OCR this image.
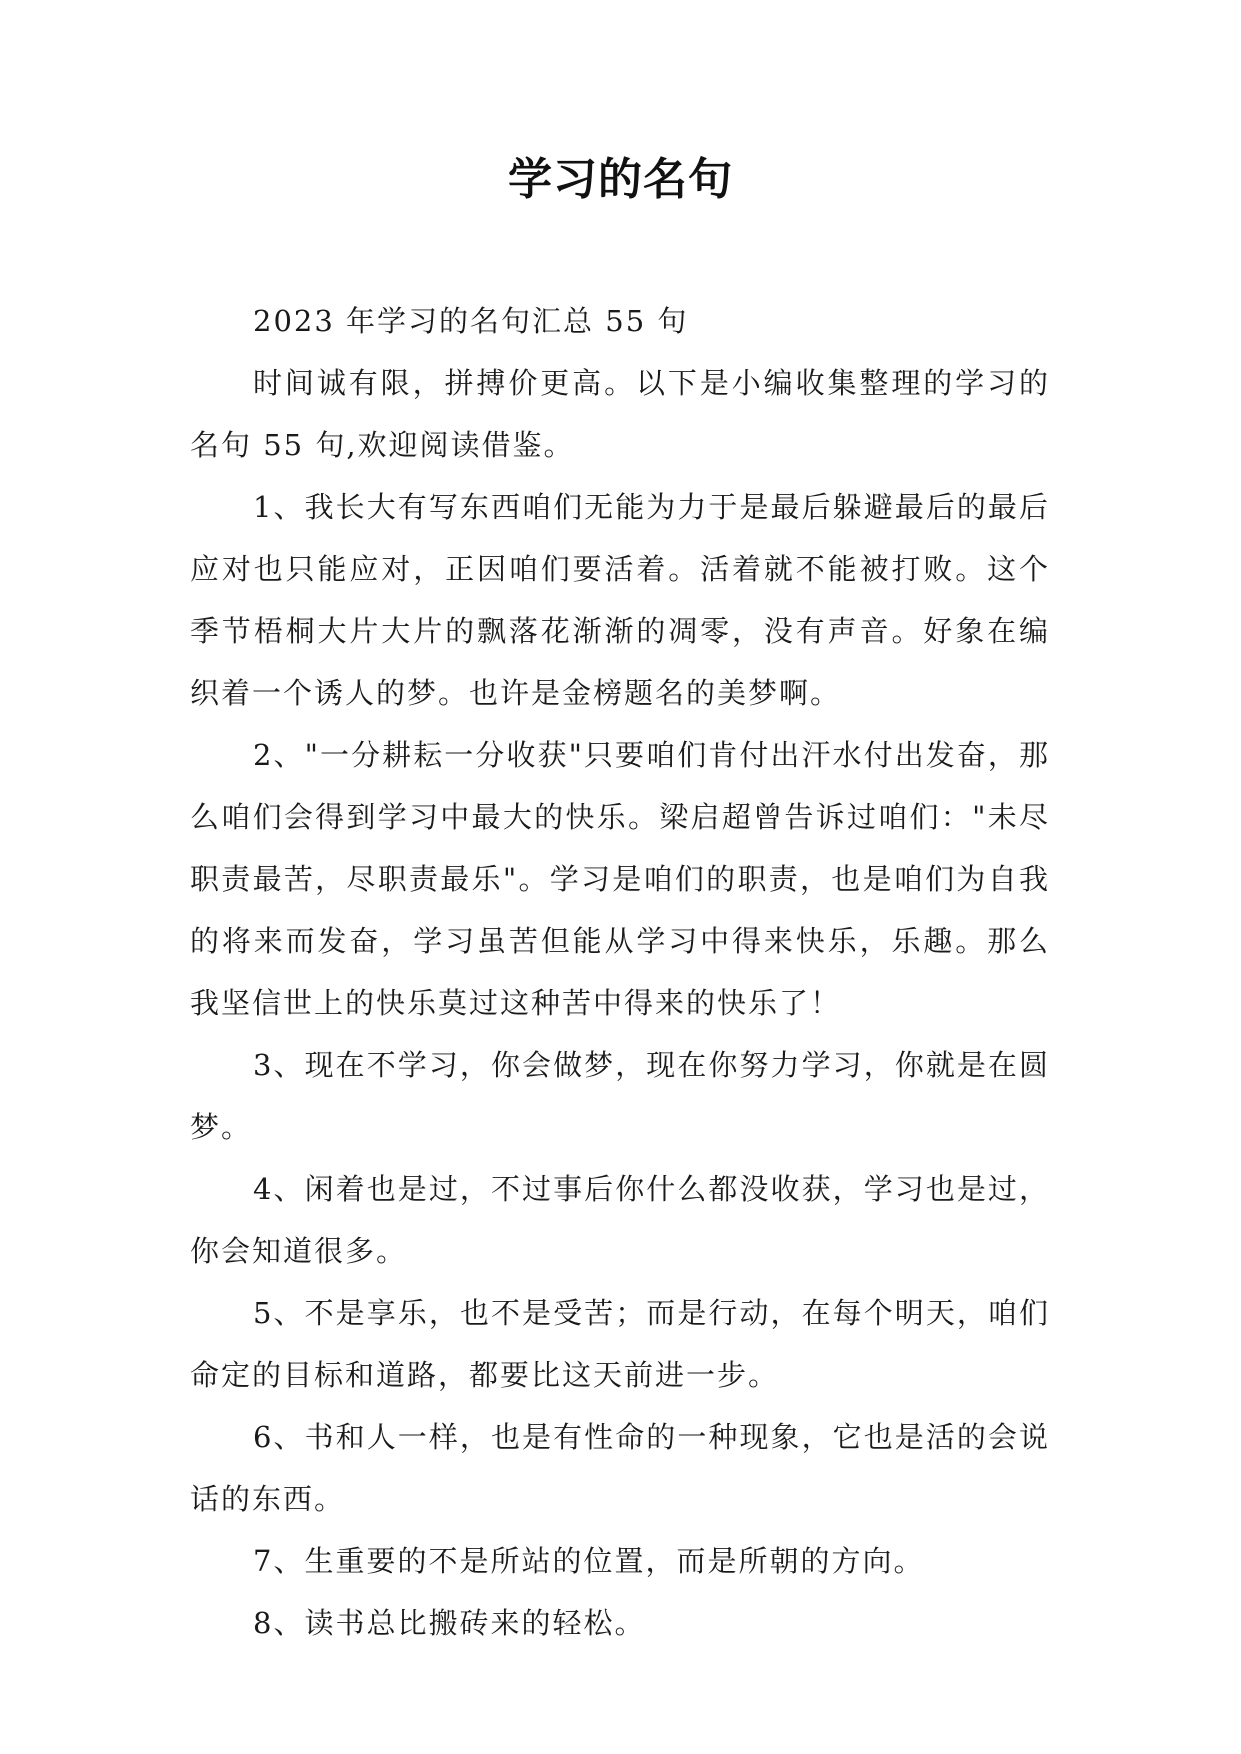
学习的名句

2023 年学习的名句汇总 55 句

时间诚有限，拼搏价更高。以下是小编收集整理的学习的名句 55 句,欢迎阅读借鉴。

1、我长大有写东西咱们无能为力于是最后躲避最后的最后应对也只能应对，正因咱们要活着。活着就不能被打败。这个季节梧桐大片大片的飘落花渐渐的凋零，没有声音。好象在编织着一个诱人的梦。也许是金榜题名的美梦啊。

2、"一分耕耘一分收获"只要咱们肯付出汗水付出发奋，那么咱们会得到学习中最大的快乐。梁启超曾告诉过咱们："未尽职责最苦，尽职责最乐"。学习是咱们的职责，也是咱们为自我的将来而发奋，学习虽苦但能从学习中得来快乐，乐趣。那么我坚信世上的快乐莫过这种苦中得来的快乐了！

3、现在不学习，你会做梦，现在你努力学习，你就是在圆梦。

4、闲着也是过，不过事后你什么都没收获，学习也是过，你会知道很多。

5、不是享乐，也不是受苦；而是行动，在每个明天，咱们命定的目标和道路，都要比这天前进一步。

6、书和人一样，也是有性命的一种现象，它也是活的会说话的东西。

7、生重要的不是所站的位置，而是所朝的方向。

8、读书总比搬砖来的轻松。
